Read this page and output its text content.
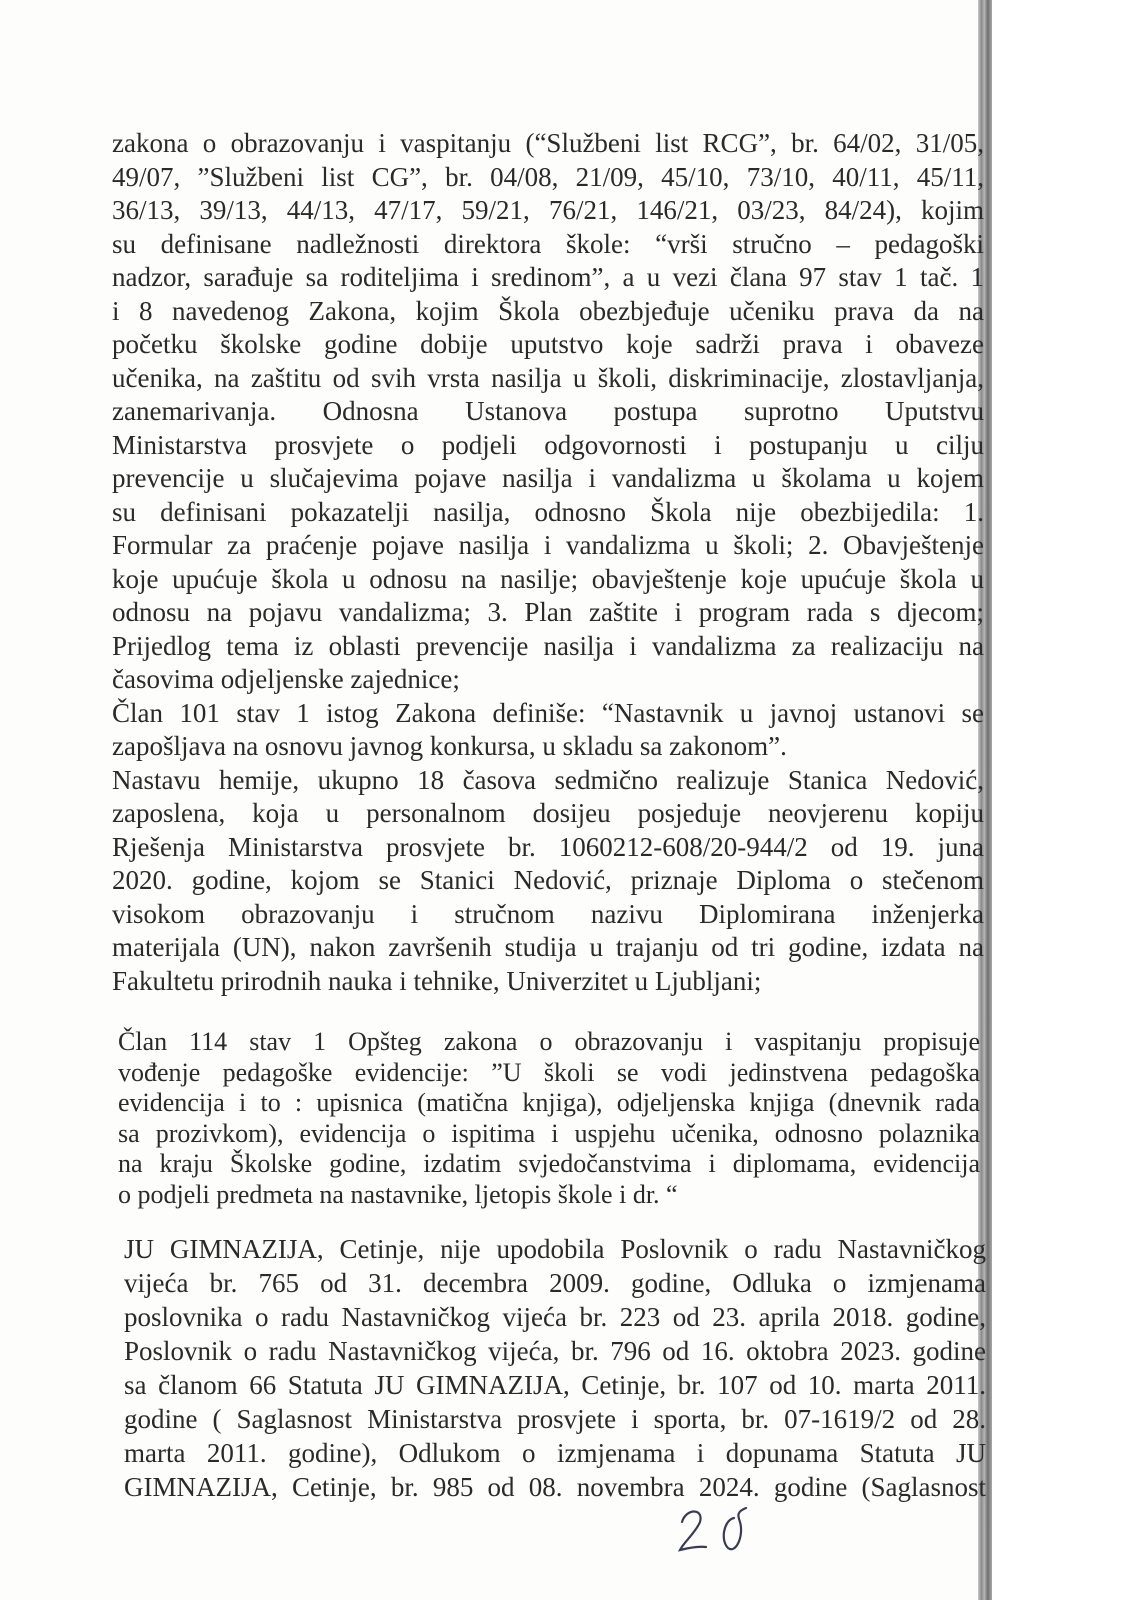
zakona o obrazovanju i vaspitanju (“Službeni list RCG”, br. 64/02, 31/05,
49/07, ”Službeni list CG”, br. 04/08, 21/09, 45/10, 73/10, 40/11, 45/11,
36/13, 39/13, 44/13, 47/17, 59/21, 76/21, 146/21, 03/23, 84/24), kojim
su definisane nadležnosti direktora škole: “vrši stručno – pedagoški
nadzor, sarađuje sa roditeljima i sredinom”, a u vezi člana 97 stav 1 tač. 1
i 8 navedenog Zakona, kojim Škola obezbjeđuje učeniku prava da na
početku školske godine dobije uputstvo koje sadrži prava i obaveze
učenika, na zaštitu od svih vrsta nasilja u školi, diskriminacije, zlostavljanja,
zanemarivanja. Odnosna Ustanova postupa suprotno Uputstvu
Ministarstva prosvjete o podjeli odgovornosti i postupanju u cilju
prevencije u slučajevima pojave nasilja i vandalizma u školama u kojem
su definisani pokazatelji nasilja, odnosno Škola nije obezbijedila: 1.
Formular za praćenje pojave nasilja i vandalizma u školi; 2. Obavještenje
koje upućuje škola u odnosu na nasilje; obavještenje koje upućuje škola u
odnosu na pojavu vandalizma; 3. Plan zaštite i program rada s djecom;
Prijedlog tema iz oblasti prevencije nasilja i vandalizma za realizaciju na
časovima odjeljenske zajednice;
Član 101 stav 1 istog Zakona definiše: “Nastavnik u javnoj ustanovi se
zapošljava na osnovu javnog konkursa, u skladu sa zakonom”.
Nastavu hemije, ukupno 18 časova sedmično realizuje Stanica Nedović,
zaposlena, koja u personalnom dosijeu posjeduje neovjerenu kopiju
Rješenja Ministarstva prosvjete br. 1060212-608/20-944/2 od 19. juna
2020. godine, kojom se Stanici Nedović, priznaje Diploma o stečenom
visokom obrazovanju i stručnom nazivu Diplomirana inženjerka
materijala (UN), nakon završenih studija u trajanju od tri godine, izdata na
Fakultetu prirodnih nauka i tehnike, Univerzitet u Ljubljani;
Član 114 stav 1 Opšteg zakona o obrazovanju i vaspitanju propisuje
vođenje pedagoške evidencije: ”U školi se vodi jedinstvena pedagoška
evidencija i to : upisnica (matična knjiga), odjeljenska knjiga (dnevnik rada
sa prozivkom), evidencija o ispitima i uspjehu učenika, odnosno polaznika
na kraju Školske godine, izdatim svjedočanstvima i diplomama, evidencija
o podjeli predmeta na nastavnike, ljetopis škole i dr. “
JU GIMNAZIJA, Cetinje, nije upodobila Poslovnik o radu Nastavničkog
vijeća br. 765 od 31. decembra 2009. godine, Odluka o izmjenama
poslovnika o radu Nastavničkog vijeća br. 223 od 23. aprila 2018. godine,
Poslovnik o radu Nastavničkog vijeća, br. 796 od 16. oktobra 2023. godine
sa članom 66 Statuta JU GIMNAZIJA, Cetinje, br. 107 od 10. marta 2011.
godine ( Saglasnost Ministarstva prosvjete i sporta, br. 07-1619/2 od 28.
marta 2011. godine), Odlukom o izmjenama i dopunama Statuta JU
GIMNAZIJA, Cetinje, br. 985 od 08. novembra 2024. godine (Saglasnost
